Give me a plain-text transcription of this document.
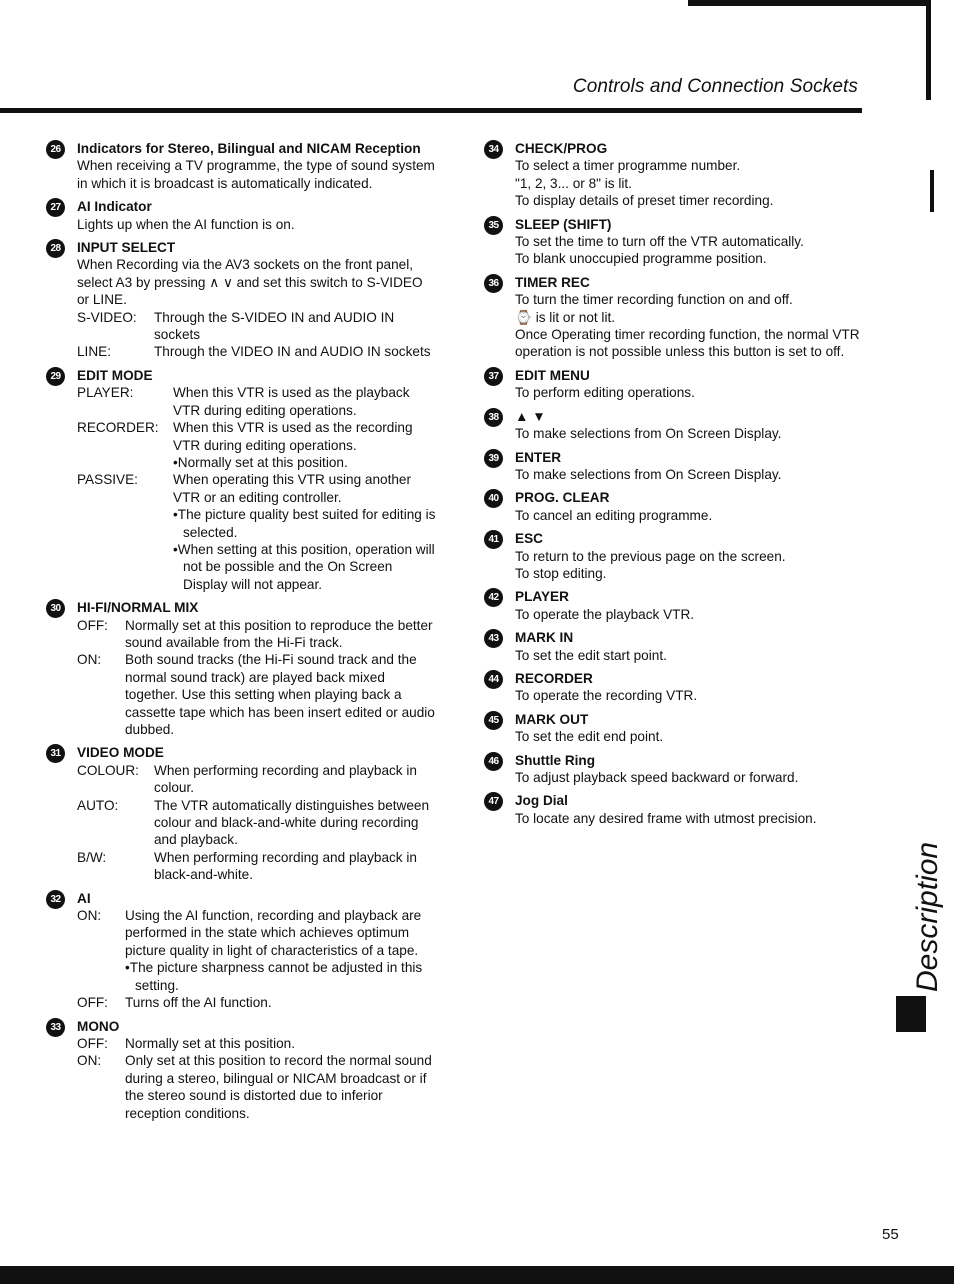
Controls and Connection Sockets
26	Indicators for Stereo, Bilingual and NICAM Reception

When receiving a TV programme, the type of sound system in which it is broadcast is automatically indicated.

27	AI Indicator

Lights up when the AI function is on.

28	INPUT SELECT

When Recording via the AV3 sockets on the front panel, select A3 by pressing ∧ ∨ and set this switch to S-VIDEO or LINE.

S-VIDEO:	Through the S-VIDEO IN and AUDIO IN sockets
LINE:	Through the VIDEO IN and AUDIO IN sockets
29	EDIT MODE
PLAYER:	When this VTR is used as the playback VTR during editing operations.
RECORDER:	When this VTR is used as the recording VTR during editing operations.
•Normally set at this position.
PASSIVE:	When operating this VTR using another VTR or an editing controller.
•The picture quality best suited for editing is selected.
•When setting at this position, operation will not be possible and the On Screen Display will not appear.
30	HI-FI/NORMAL MIX
OFF:	Normally set at this position to reproduce the better sound available from the Hi-Fi track.
ON:	Both sound tracks (the Hi-Fi sound track and the normal sound track) are played back mixed together. Use this setting when playing back a cassette tape which has been insert edited or audio dubbed.
31	VIDEO MODE
COLOUR:	When performing recording and playback in colour.
AUTO:	The VTR automatically distinguishes between colour and black-and-white during recording and playback.
B/W:	When performing recording and playback in black-and-white.
32	AI
ON:	Using the AI function, recording and playback are performed in the state which achieves optimum picture quality in light of characteristics of a tape.
•The picture sharpness cannot be adjusted in this setting.
OFF:	Turns off the AI function.
33	MONO
OFF:	Normally set at this position.
ON:	Only set at this position to record the normal sound during a stereo, bilingual or NICAM broadcast or if the stereo sound is distorted due to inferior reception conditions.
34	CHECK/PROG

To select a timer programme number.

"1, 2, 3... or 8" is lit.

To display details of preset timer recording.

35	SLEEP (SHIFT)

To set the time to turn off the VTR automatically.

To blank unoccupied programme position.

36	TIMER REC

To turn the timer recording function on and off.

⌚ is lit or not lit.

Once Operating timer recording function, the normal VTR operation is not possible unless this button is set to off.

37	EDIT MENU

To perform editing operations.

38	▲ ▼

To make selections from On Screen Display.

39	ENTER

To make selections from On Screen Display.

40	PROG. CLEAR

To cancel an editing programme.

41	ESC

To return to the previous page on the screen.

To stop editing.

42	PLAYER

To operate the playback VTR.

43	MARK IN

To set the edit start point.

44	RECORDER

To operate the recording VTR.

45	MARK OUT

To set the edit end point.

46	Shuttle Ring

To adjust playback speed backward or forward.

47	Jog Dial

To locate any desired frame with utmost precision.

Description
55
